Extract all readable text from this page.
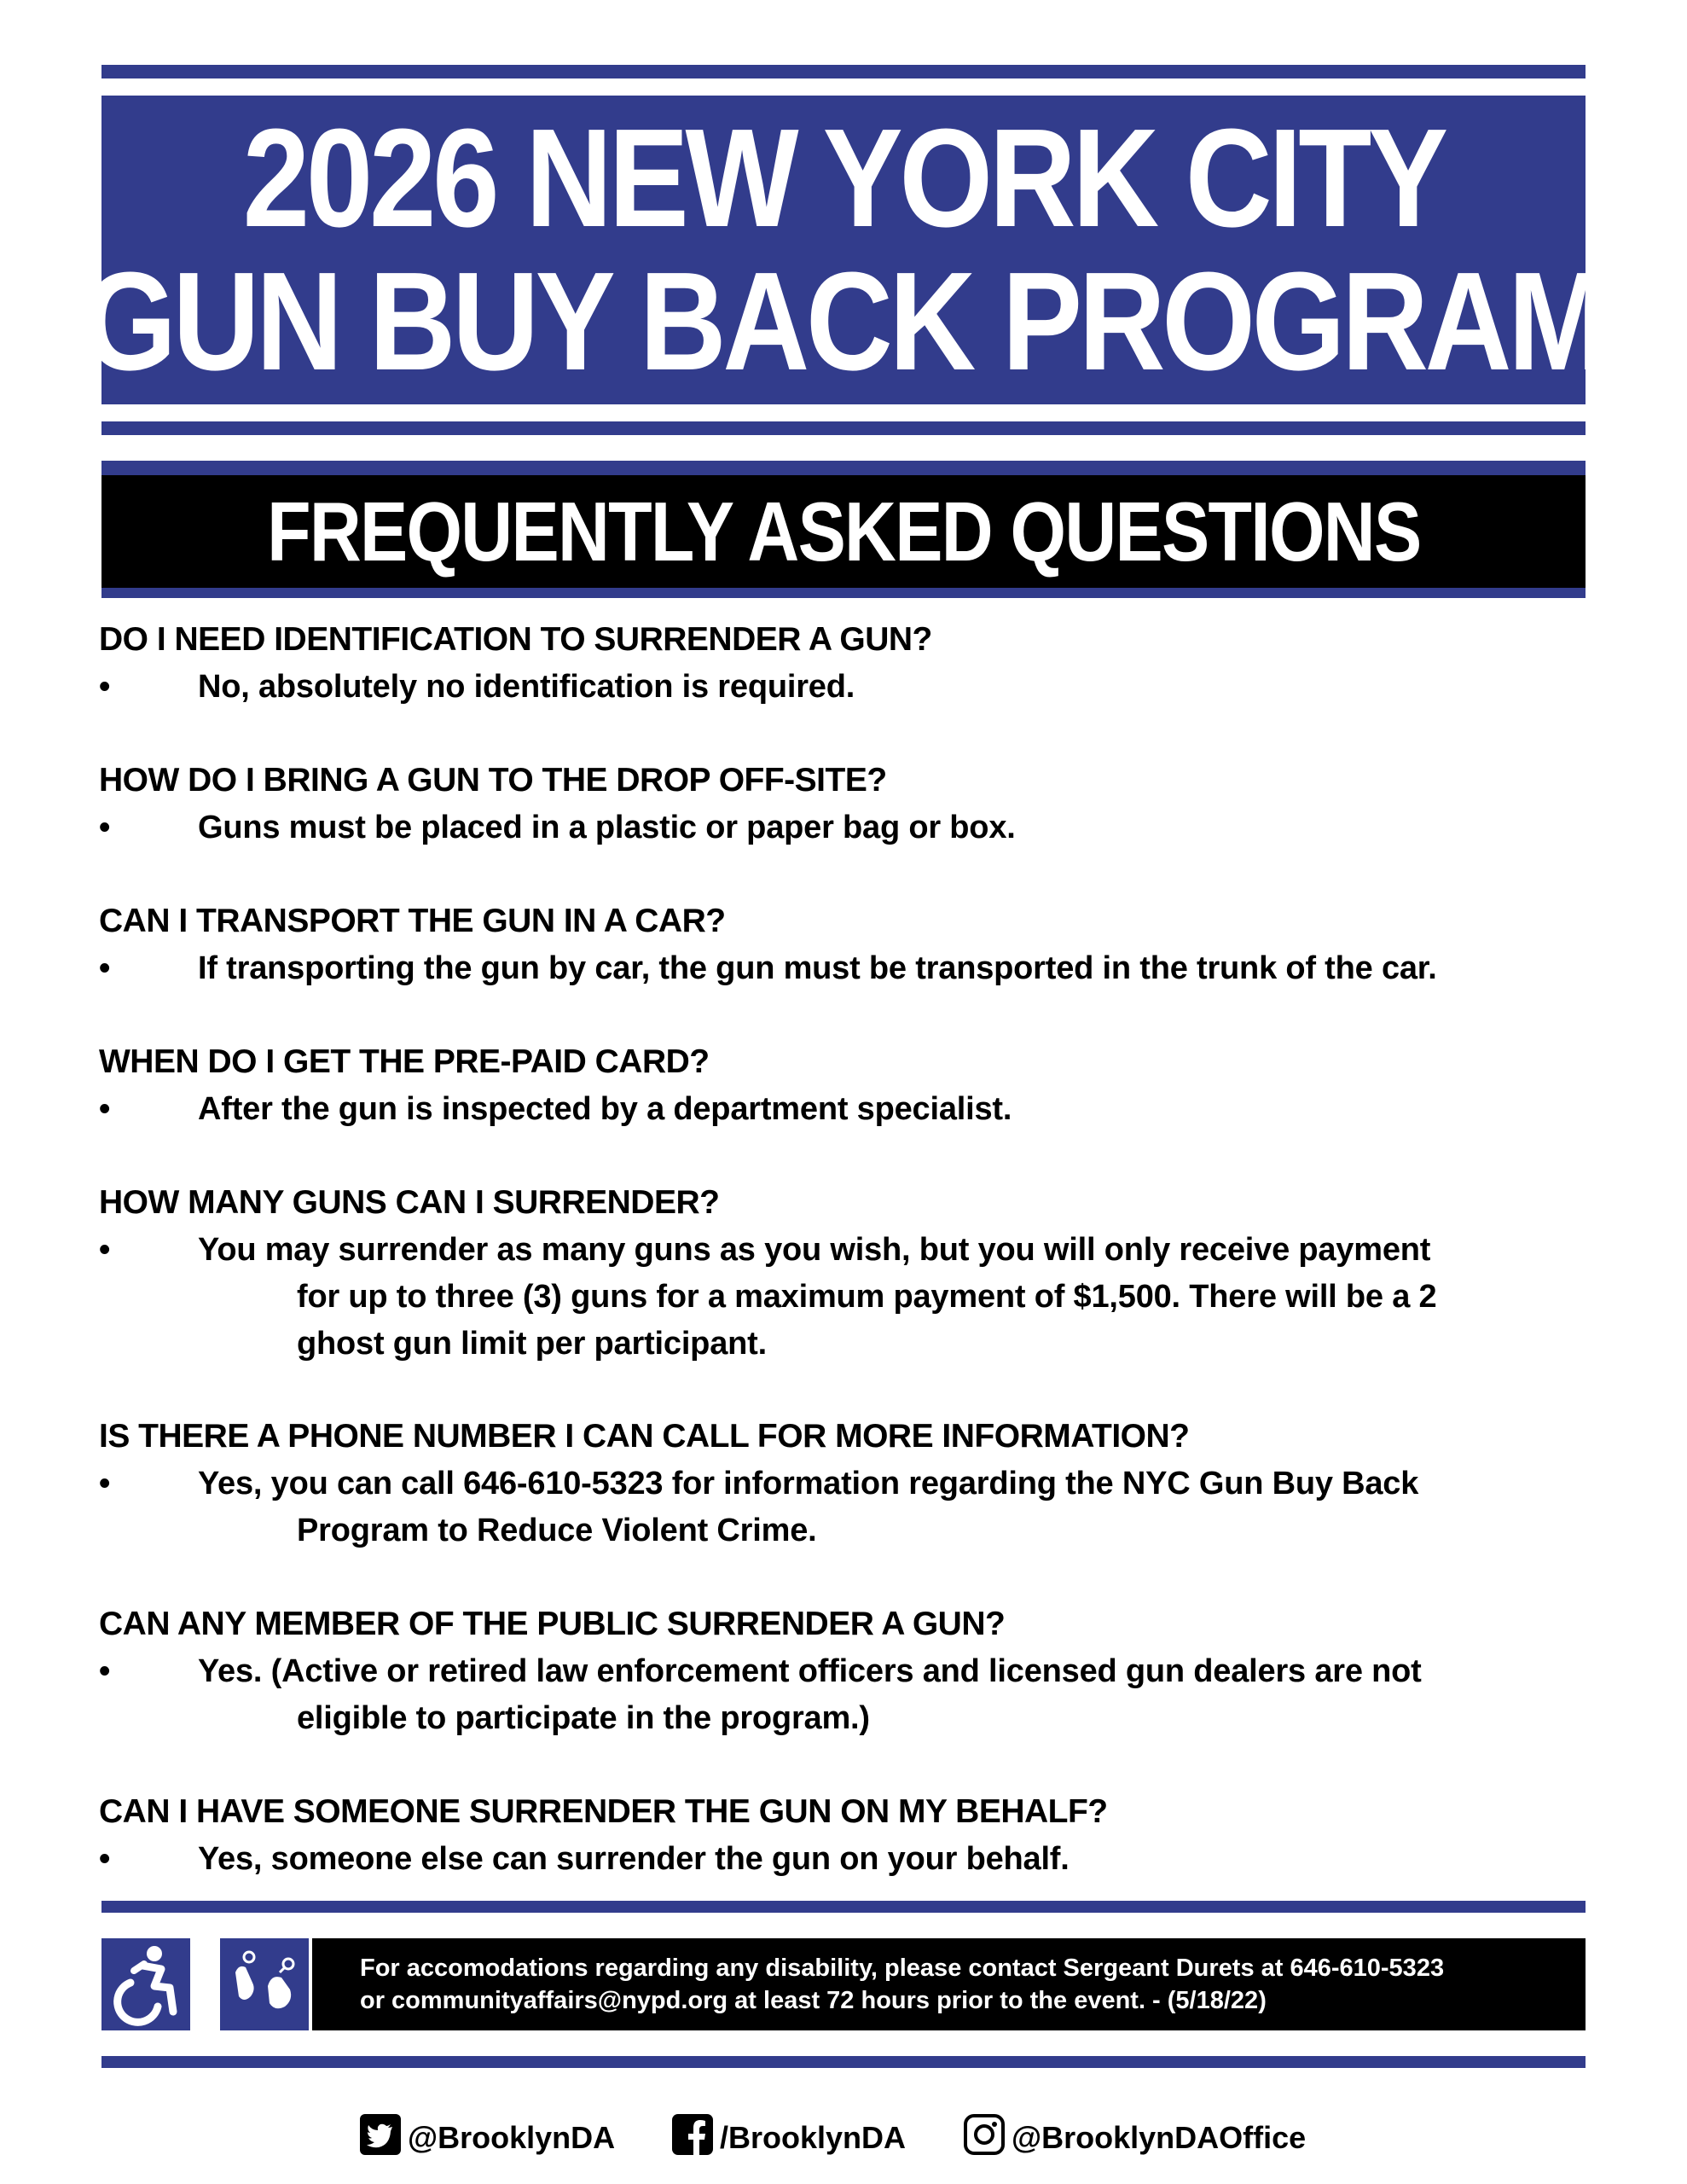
2026 NEW YORK CITY
GUN BUY BACK PROGRAM
FREQUENTLY ASKED QUESTIONS
DO I NEED IDENTIFICATION TO SURRENDER A GUN?
•	No, absolutely no identification is required.
HOW DO I BRING A GUN TO THE DROP OFF-SITE?
•	Guns must be placed in a plastic or paper bag or box.
CAN I TRANSPORT THE GUN IN A CAR?
•	If transporting the gun by car, the gun must be transported in the trunk of the car.
WHEN DO I GET THE PRE-PAID CARD?
•	After the gun is inspected by a department specialist.
HOW MANY GUNS CAN I SURRENDER?
•	You may surrender as many guns as you wish, but you will only receive payment
for up to three (3) guns for a maximum payment of $1,500. There will be a 2
ghost gun limit per participant.
IS THERE A PHONE NUMBER I CAN CALL FOR MORE INFORMATION?
•	Yes, you can call 646-610-5323 for information regarding the NYC Gun Buy Back
Program to Reduce Violent Crime.
CAN ANY MEMBER OF THE PUBLIC SURRENDER A GUN?
•	Yes. (Active or retired law enforcement officers and licensed gun dealers are not
eligible to participate in the program.)
CAN I HAVE SOMEONE SURRENDER THE GUN ON MY BEHALF?
•	Yes, someone else can surrender the gun on your behalf.
For accomodations regarding any disability, please contact Sergeant Durets at 646-610-5323
or communityaffairs@nypd.org at least 72 hours prior to the event. - (5/18/22)
@BrooklynDA	/BrooklynDA	@BrooklynDAOffice
